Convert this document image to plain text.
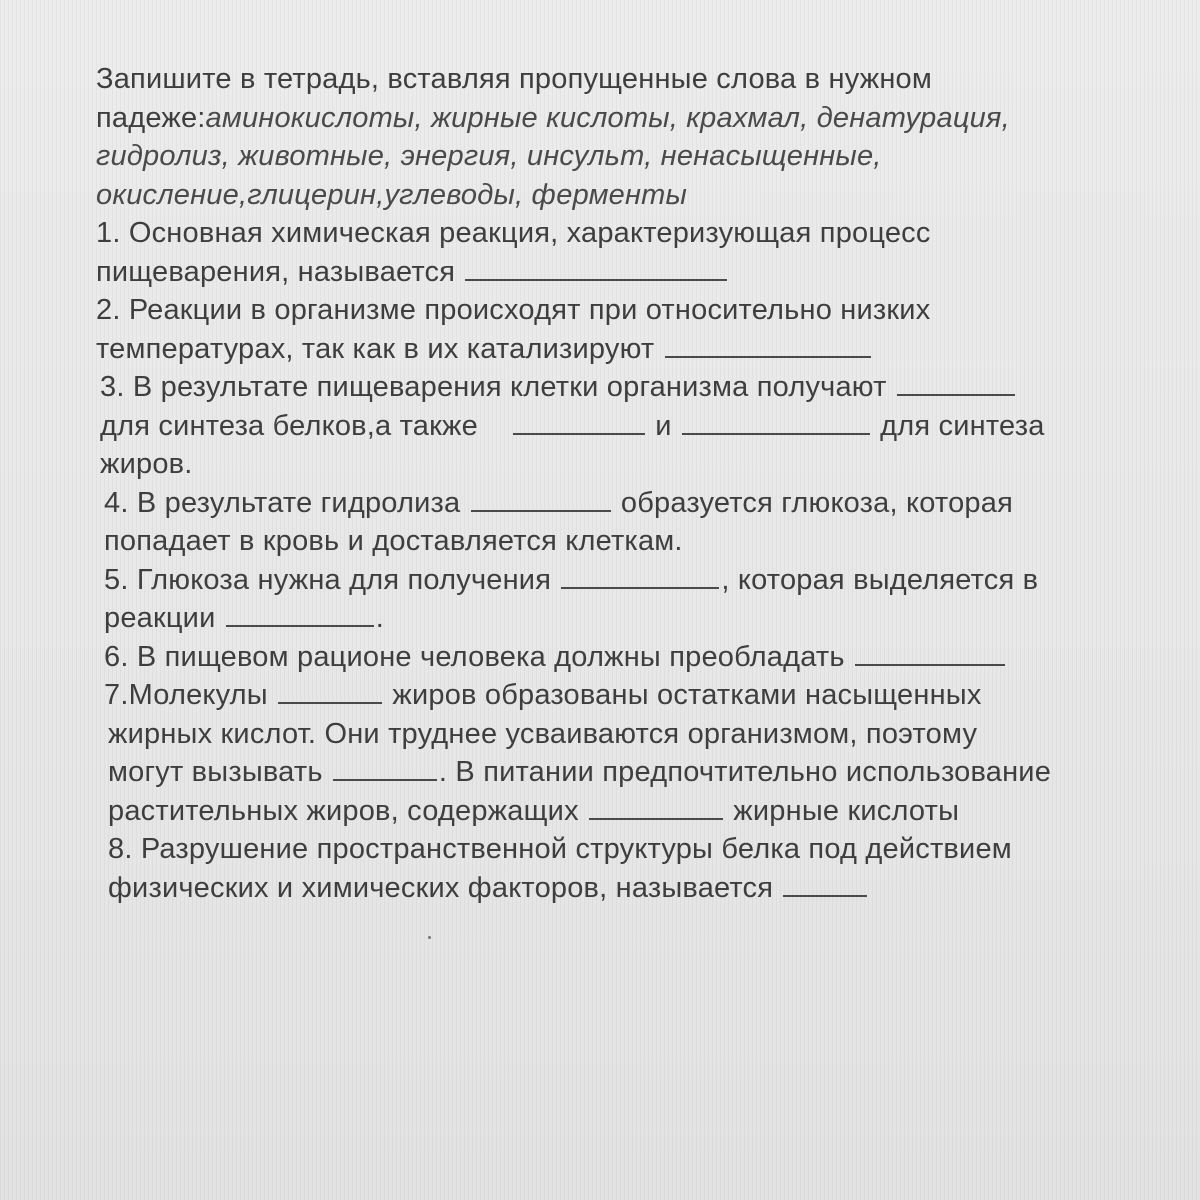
Запишите в тетрадь, вставляя пропущенные слова в нужном
падеже:аминокислоты, жирные кислоты, крахмал, денатурация,
гидролиз, животные, энергия, инсульт, ненасыщенные,
окисление,глицерин,углеводы, ферменты
1. Основная химическая реакция, характеризующая процесс
пищеварения, называется
2. Реакции в организме происходят при относительно низких
температурах, так как в их катализируют
3. В результате пищеварения клетки организма получают
для синтеза белков,а также	и	для синтеза
жиров.
4. В результате гидролиза	образуется глюкоза, которая
попадает в кровь и доставляется клеткам.
5. Глюкоза нужна для получения	, которая выделяется в
реакции	.
6. В пищевом рационе человека должны преобладать
7.Молекулы	жиров образованы остатками насыщенных
жирных кислот. Они труднее усваиваются организмом, поэтому
могут вызывать	. В питании предпочтительно использование
растительных жиров, содержащих	жирные кислоты
8. Разрушение пространственной структуры белка под действием
физических и химических факторов, называется
